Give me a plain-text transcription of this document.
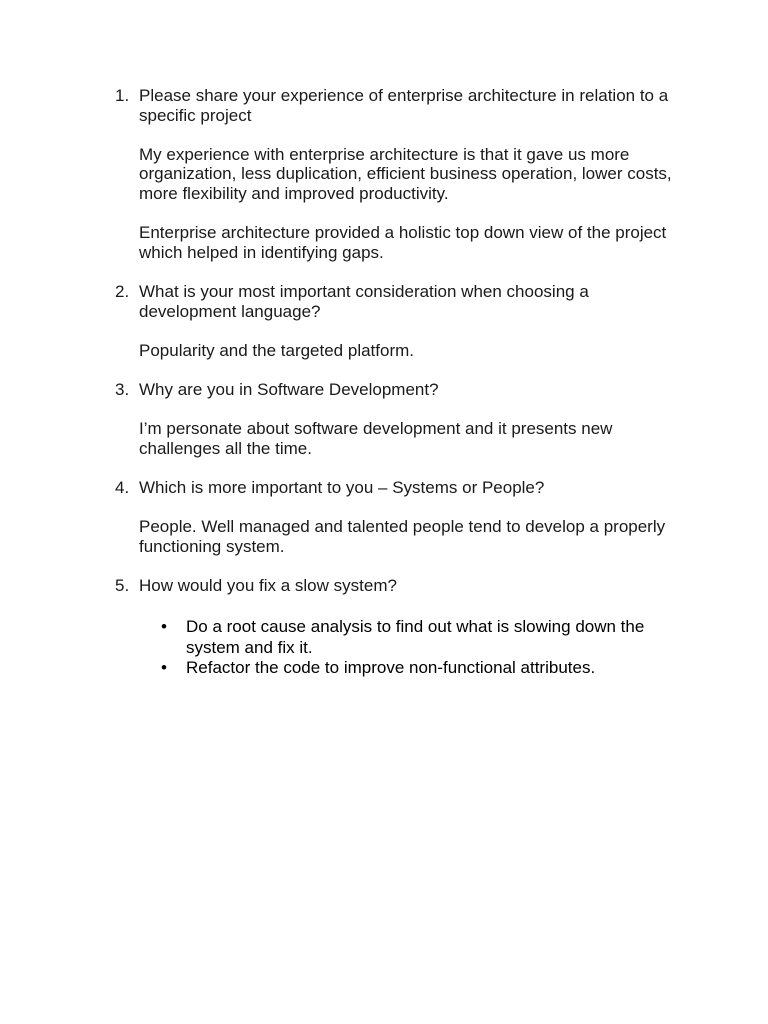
1. Please share your experience of enterprise architecture in relation to a specific project

My experience with enterprise architecture is that it gave us more organization, less duplication, efficient business operation, lower costs, more flexibility and improved productivity.

Enterprise architecture provided a holistic top down view of the project which helped in identifying gaps.

2. What is your most important consideration when choosing a development language?

Popularity and the targeted platform.

3. Why are you in Software Development?

I’m personate about software development and it presents new challenges all the time.

4. Which is more important to you – Systems or People?

People. Well managed and talented people tend to develop a properly functioning system.

5. How would you fix a slow system?

• Do a root cause analysis to find out what is slowing down the system and fix it.
• Refactor the code to improve non-functional attributes.
